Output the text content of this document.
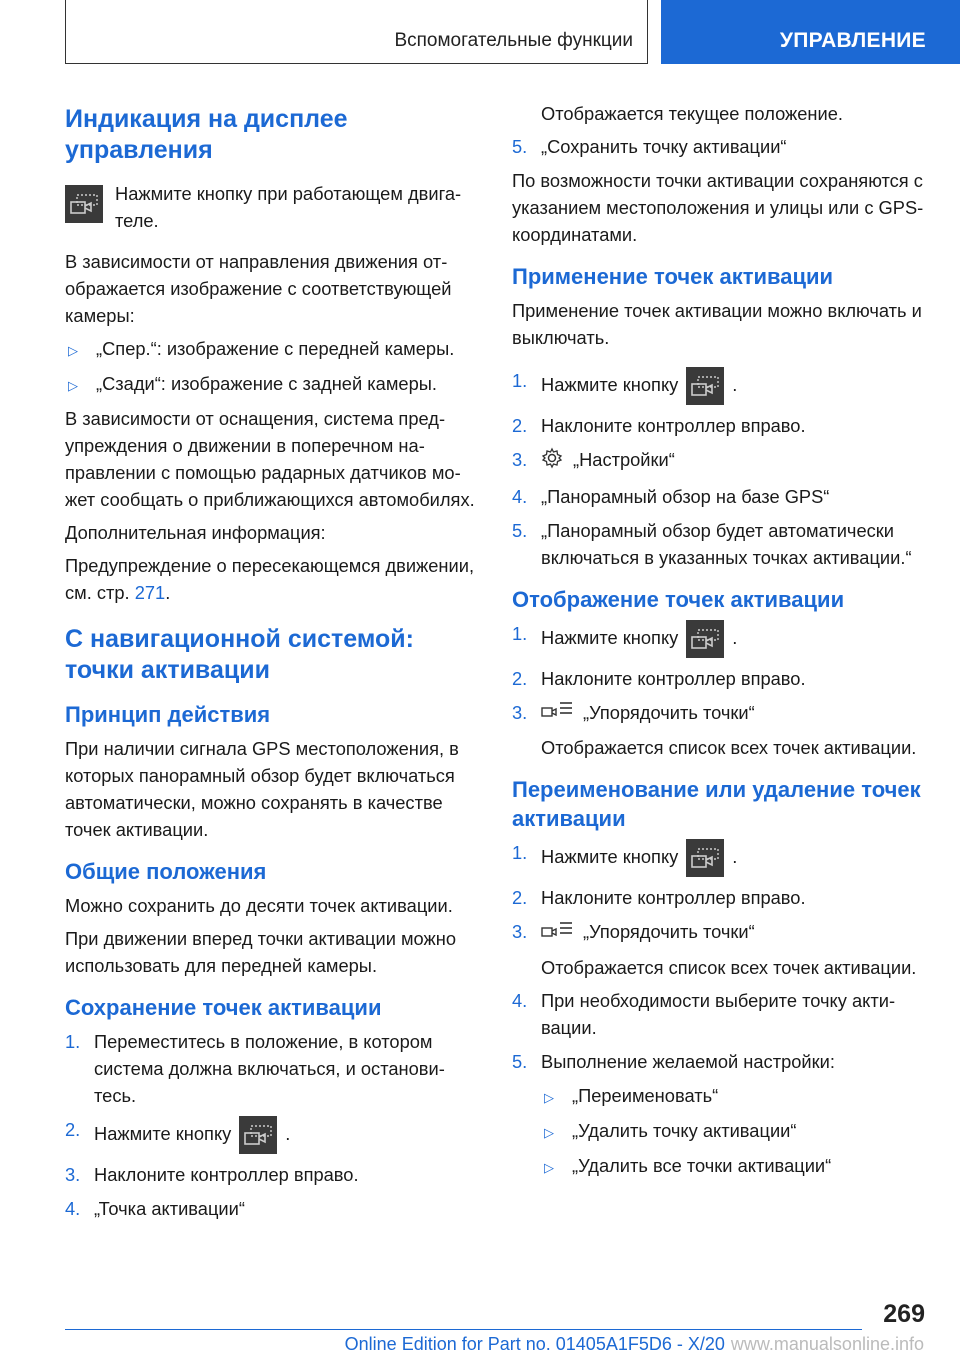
Вспомогательные функции	УПРАВЛЕНИЕ
Индикация на дисплее управления
Нажмите кнопку при работающем двигателе.

В зависимости от направления движения отображается изображение с соответствующей камеры:

▷ „Спер.“: изображение с передней камеры.
▷ „Сзади“: изображение с задней камеры.

В зависимости от оснащения, система предупреждения о движении в поперечном направлении с помощью радарных датчиков может сообщать о приближающихся автомобилях.

Дополнительная информация:

Предупреждение о пересекающемся движении, см. стр. 271.

С навигационной системой: точки активации
Принцип действия

При наличии сигнала GPS местоположения, в которых панорамный обзор будет включаться автоматически, можно сохранять в качестве точек активации.

Общие положения

Можно сохранить до десяти точек активации.

При движении вперед точки активации можно использовать для передней камеры.

Сохранение точек активации
1. Переместитесь в положение, в котором система должна включаться, и остановитесь.
2. Нажмите кнопку	.
3. Наклоните контроллер вправо.
4. „Точка активации“

Отображается текущее положение.

5. „Сохранить точку активации“

По возможности точки активации сохраняются с указанием местоположения и улицы или с GPS-координатами.

Применение точек активации

Применение точек активации можно включать и выключать.

1. Нажмите кнопку	.
2. Наклоните контроллер вправо.
3.	„Настройки“
4. „Панорамный обзор на базе GPS“
5. „Панорамный обзор будет автоматически включаться в указанных точках активации.“
Отображение точек активации
1. Нажмите кнопку	.
2. Наклоните контроллер вправо.
3.	„Упорядочить точки“

Отображается список всех точек активации.

Переименование или удаление точек активации
1. Нажмите кнопку	.
2. Наклоните контроллер вправо.
3.	„Упорядочить точки“

Отображается список всех точек активации.

4. При необходимости выберите точку активации.
5. Выполнение желаемой настройки:
▷ „Переименовать“
▷ „Удалить точку активации“
▷ „Удалить все точки активации“
269
Online Edition for Part no. 01405A1F5D6 - X/20 www.manualsonline.info
